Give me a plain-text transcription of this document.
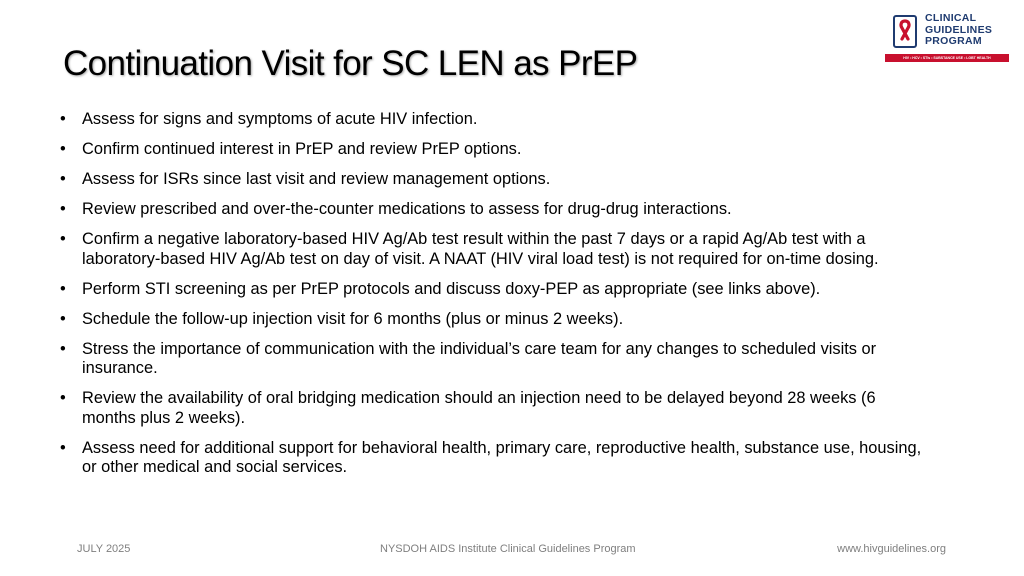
Continuation Visit for SC LEN as PrEP
CLINICAL
GUIDELINES
PROGRAM
HIV • HCV • STIs • SUBSTANCE USE • LGBT HEALTH
• Assess for signs and symptoms of acute HIV infection.
• Confirm continued interest in PrEP and review PrEP options.
• Assess for ISRs since last visit and review management options.
• Review prescribed and over-the-counter medications to assess for drug-drug interactions.
• Confirm a negative laboratory-based HIV Ag/Ab test result within the past 7 days or a rapid Ag/Ab test with a laboratory-based HIV Ag/Ab test on day of visit. A NAAT (HIV viral load test) is not required for on-time dosing.
• Perform STI screening as per PrEP protocols and discuss doxy-PEP as appropriate (see links above).
• Schedule the follow-up injection visit for 6 months (plus or minus 2 weeks).
• Stress the importance of communication with the individual’s care team for any changes to scheduled visits or insurance.
• Review the availability of oral bridging medication should an injection need to be delayed beyond 28 weeks (6 months plus 2 weeks).
• Assess need for additional support for behavioral health, primary care, reproductive health, substance use, housing, or other medical and social services.
JULY 2025	NYSDOH AIDS Institute Clinical Guidelines Program	www.hivguidelines.org
